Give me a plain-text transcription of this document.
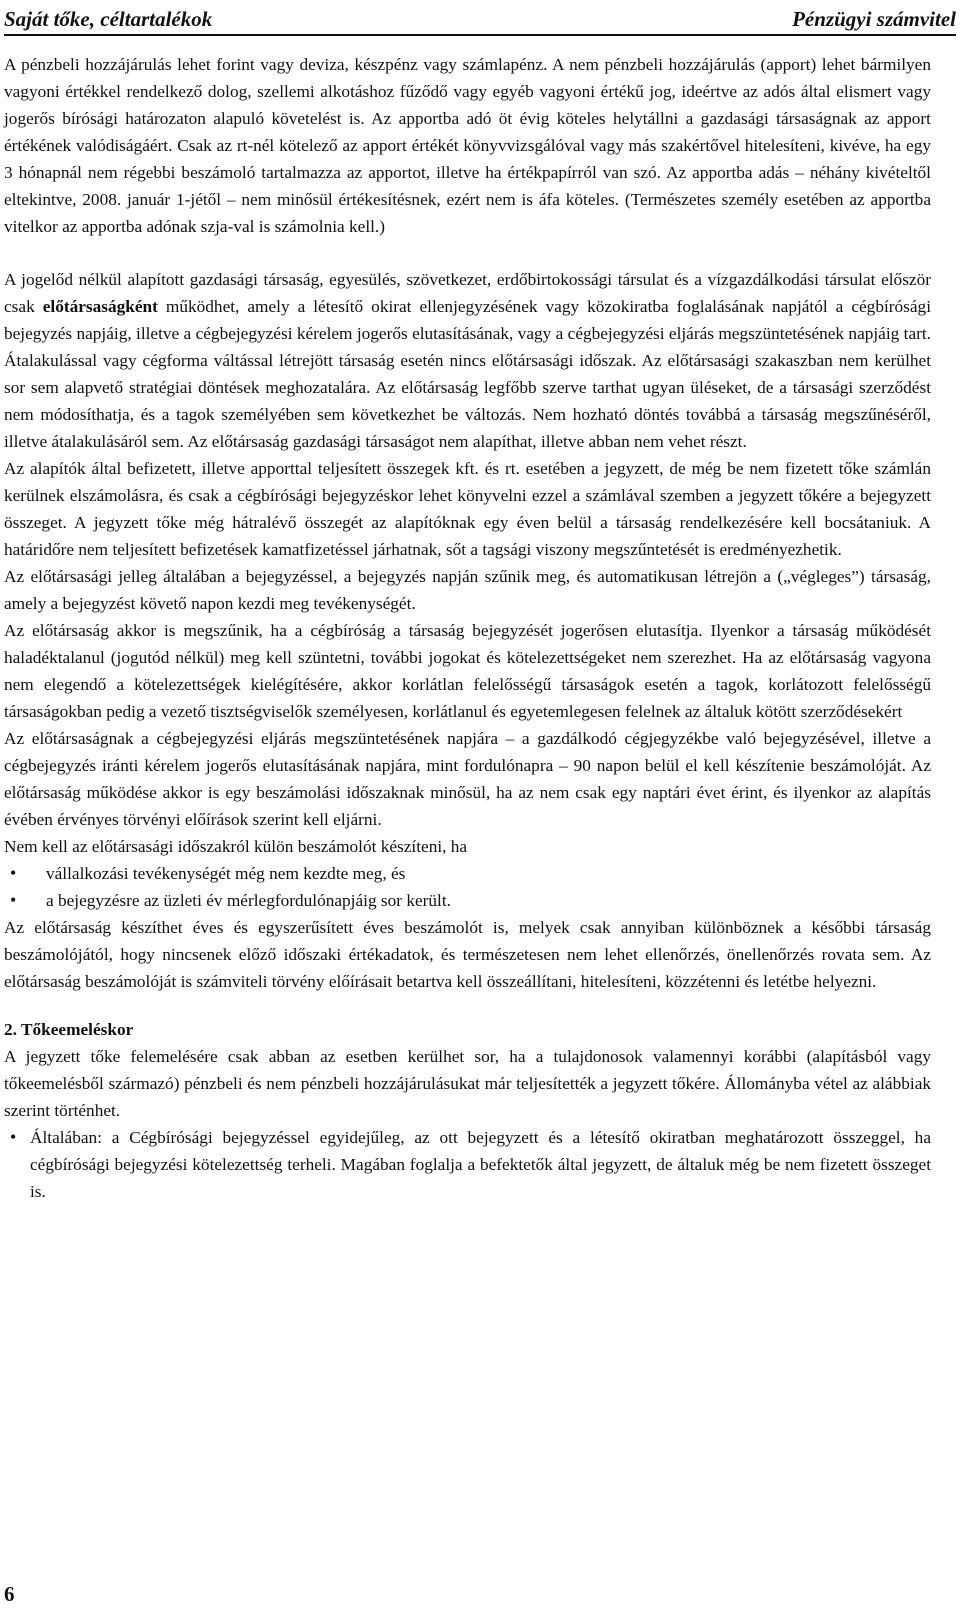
Saját tőke, céltartalékok	Pénzügyi számvitel

A pénzbeli hozzájárulás lehet forint vagy deviza, készpénz vagy számlapénz. A nem pénzbeli hozzájárulás (apport) lehet bármilyen vagyoni értékkel rendelkező dolog, szellemi alkotáshoz fűződő vagy egyéb vagyoni értékű jog, ideértve az adós által elismert vagy jogerős bírósági határozaton alapuló követelést is. Az apportba adó öt évig köteles helytállni a gazdasági társaságnak az apport értékének valódiságáért. Csak az rt-nél kötelező az apport értékét könyvvizsgálóval vagy más szakértővel hitelesíteni, kivéve, ha egy 3 hónapnál nem régebbi beszámoló tartalmazza az apportot, illetve ha értékpapírról van szó. Az apportba adás – néhány kivételtől eltekintve, 2008. január 1-jétől – nem minősül értékesítésnek, ezért nem is áfa köteles. (Természetes személy esetében az apportba vitelkor az apportba adónak szja-val is számolnia kell.)

A jogelőd nélkül alapított gazdasági társaság, egyesülés, szövetkezet, erdőbirtokossági társulat és a vízgazdálkodási társulat először csak előtársaságként működhet, amely a létesítő okirat ellenjegyzésének vagy közokiratba foglalásának napjától a cégbírósági bejegyzés napjáig, illetve a cégbejegyzési kérelem jogerős elutasításának, vagy a cégbejegyzési eljárás megszüntetésének napjáig tart. Átalakulással vagy cégforma váltással létrejött társaság esetén nincs előtársasági időszak. Az előtársasági szakaszban nem kerülhet sor sem alapvető stratégiai döntések meghozatalára. Az előtársaság legfőbb szerve tarthat ugyan üléseket, de a társasági szerződést nem módosíthatja, és a tagok személyében sem következhet be változás. Nem hozható döntés továbbá a társaság megszűnéséről, illetve átalakulásáról sem. Az előtársaság gazdasági társaságot nem alapíthat, illetve abban nem vehet részt.

Az alapítók által befizetett, illetve apporttal teljesített összegek kft. és rt. esetében a jegyzett, de még be nem fizetett tőke számlán kerülnek elszámolásra, és csak a cégbírósági bejegyzéskor lehet könyvelni ezzel a számlával szemben a jegyzett tőkére a bejegyzett összeget. A jegyzett tőke még hátralévő összegét az alapítóknak egy éven belül a társaság rendelkezésére kell bocsátaniuk. A határidőre nem teljesített befizetések kamatfizetéssel járhatnak, sőt a tagsági viszony megszűntetését is eredményezhetik.

Az előtársasági jelleg általában a bejegyzéssel, a bejegyzés napján szűnik meg, és automatikusan létrejön a („végleges”) társaság, amely a bejegyzést követő napon kezdi meg tevékenységét.

Az előtársaság akkor is megszűnik, ha a cégbíróság a társaság bejegyzését jogerősen elutasítja. Ilyenkor a társaság működését haladéktalanul (jogutód nélkül) meg kell szüntetni, további jogokat és kötelezettségeket nem szerezhet. Ha az előtársaság vagyona nem elegendő a kötelezettségek kielégítésére, akkor korlátlan felelősségű társaságok esetén a tagok, korlátozott felelősségű társaságokban pedig a vezető tisztségviselők személyesen, korlátlanul és egyetemlegesen felelnek az általuk kötött szerződésekért

Az előtársaságnak a cégbejegyzési eljárás megszüntetésének napjára – a gazdálkodó cégjegyzékbe való bejegyzésével, illetve a cégbejegyzés iránti kérelem jogerős elutasításának napjára, mint fordulónapra – 90 napon belül el kell készítenie beszámolóját. Az előtársaság működése akkor is egy beszámolási időszaknak minősül, ha az nem csak egy naptári évet érint, és ilyenkor az alapítás évében érvényes törvényi előírások szerint kell eljárni.

Nem kell az előtársasági időszakról külön beszámolót készíteni, ha

• vállalkozási tevékenységét még nem kezdte meg, és
• a bejegyzésre az üzleti év mérlegfordulónapjáig sor került.

Az előtársaság készíthet éves és egyszerűsített éves beszámolót is, melyek csak annyiban különböznek a későbbi társaság beszámolójától, hogy nincsenek előző időszaki értékadatok, és természetesen nem lehet ellenőrzés, önellenőrzés rovata sem. Az előtársaság beszámolóját is számviteli törvény előírásait betartva kell összeállítani, hitelesíteni, közzétenni és letétbe helyezni.

2. Tőkeemeléskor

A jegyzett tőke felemelésére csak abban az esetben kerülhet sor, ha a tulajdonosok valamennyi korábbi (alapításból vagy tőkeemelésből származó) pénzbeli és nem pénzbeli hozzájárulásukat már teljesítették a jegyzett tőkére. Állományba vétel az alábbiak szerint történhet.

• Általában: a Cégbírósági bejegyzéssel egyidejűleg, az ott bejegyzett és a létesítő okiratban meghatározott összeggel, ha cégbírósági bejegyzési kötelezettség terheli. Magában foglalja a befektetők által jegyzett, de általuk még be nem fizetett összeget is.
6
